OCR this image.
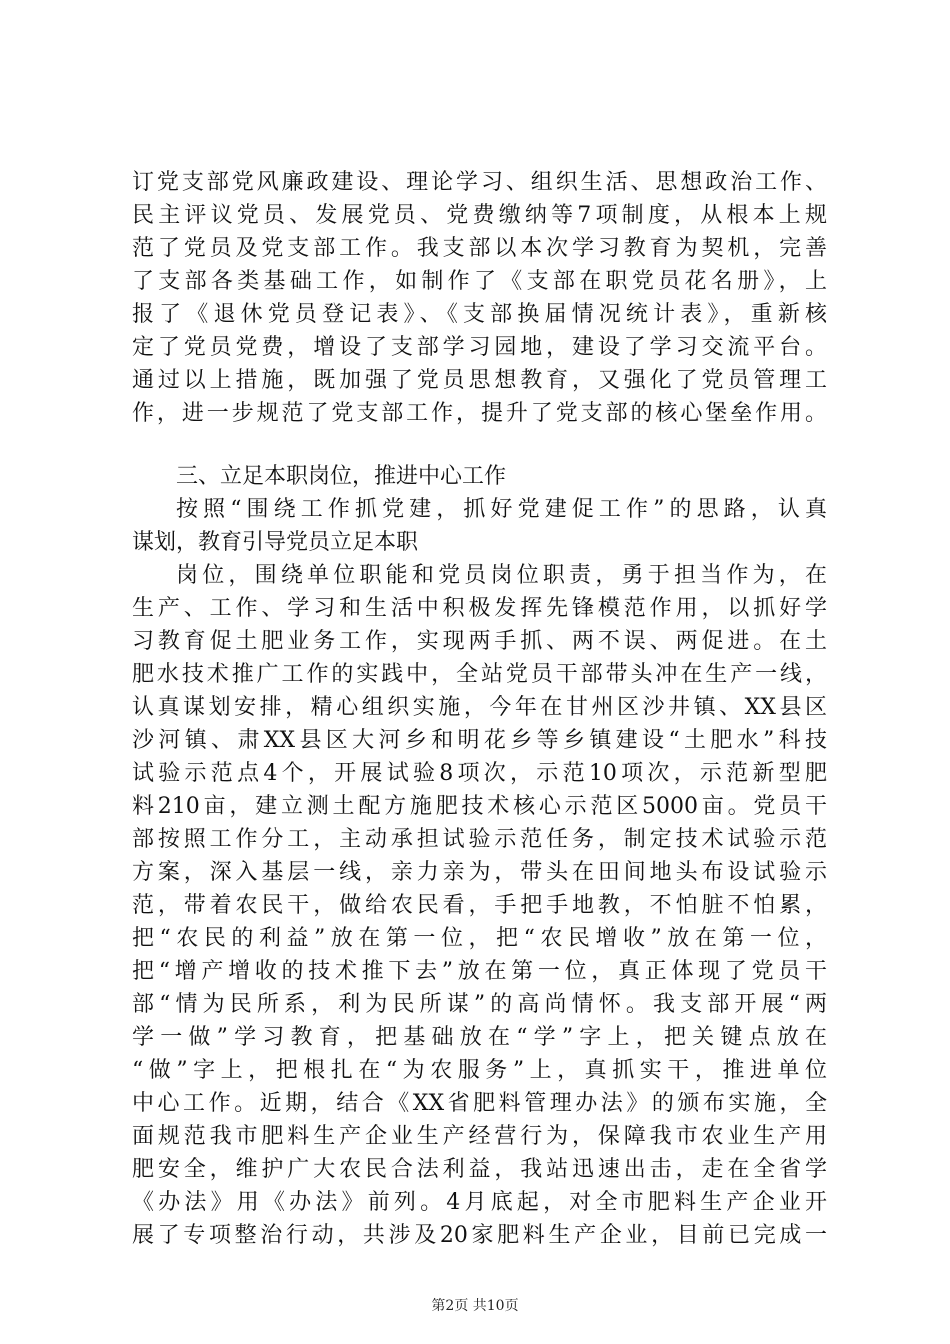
订党支部党风廉政建设、理论学习、组织生活、思想政治工作、
民主评议党员、发展党员、党费缴纳等7项制度，从根本上规
范了党员及党支部工作。我支部以本次学习教育为契机，完善
了支部各类基础工作，如制作了《支部在职党员花名册》，上
报了《退休党员登记表》、《支部换届情况统计表》，重新核
定了党员党费，增设了支部学习园地，建设了学习交流平台。
通过以上措施，既加强了党员思想教育，又强化了党员管理工
作，进一步规范了党支部工作，提升了党支部的核心堡垒作用。
三、立足本职岗位，推进中心工作
按照“围绕工作抓党建，抓好党建促工作”的思路，认真
谋划，教育引导党员立足本职
岗位，围绕单位职能和党员岗位职责，勇于担当作为，在
生产、工作、学习和生活中积极发挥先锋模范作用，以抓好学
习教育促土肥业务工作，实现两手抓、两不误、两促进。在土
肥水技术推广工作的实践中，全站党员干部带头冲在生产一线，
认真谋划安排，精心组织实施，今年在甘州区沙井镇、XX县区
沙河镇、肃XX县区大河乡和明花乡等乡镇建设“土肥水”科技
试验示范点4个，开展试验8项次，示范10项次，示范新型肥
料210亩，建立测土配方施肥技术核心示范区5000亩。党员干
部按照工作分工，主动承担试验示范任务，制定技术试验示范
方案，深入基层一线，亲力亲为，带头在田间地头布设试验示
范，带着农民干，做给农民看，手把手地教，不怕脏不怕累，
把“农民的利益”放在第一位，把“农民增收”放在第一位，
把“增产增收的技术推下去”放在第一位，真正体现了党员干
部“情为民所系，利为民所谋”的高尚情怀。我支部开展“两
学一做”学习教育，把基础放在“学”字上，把关键点放在
“做”字上，把根扎在“为农服务”上，真抓实干，推进单位
中心工作。近期，结合《XX省肥料管理办法》的颁布实施，全
面规范我市肥料生产企业生产经营行为，保障我市农业生产用
肥安全，维护广大农民合法利益，我站迅速出击，走在全省学
《办法》用《办法》前列。4月底起，对全市肥料生产企业开
展了专项整治行动，共涉及20家肥料生产企业，目前已完成一
第2页 共10页
